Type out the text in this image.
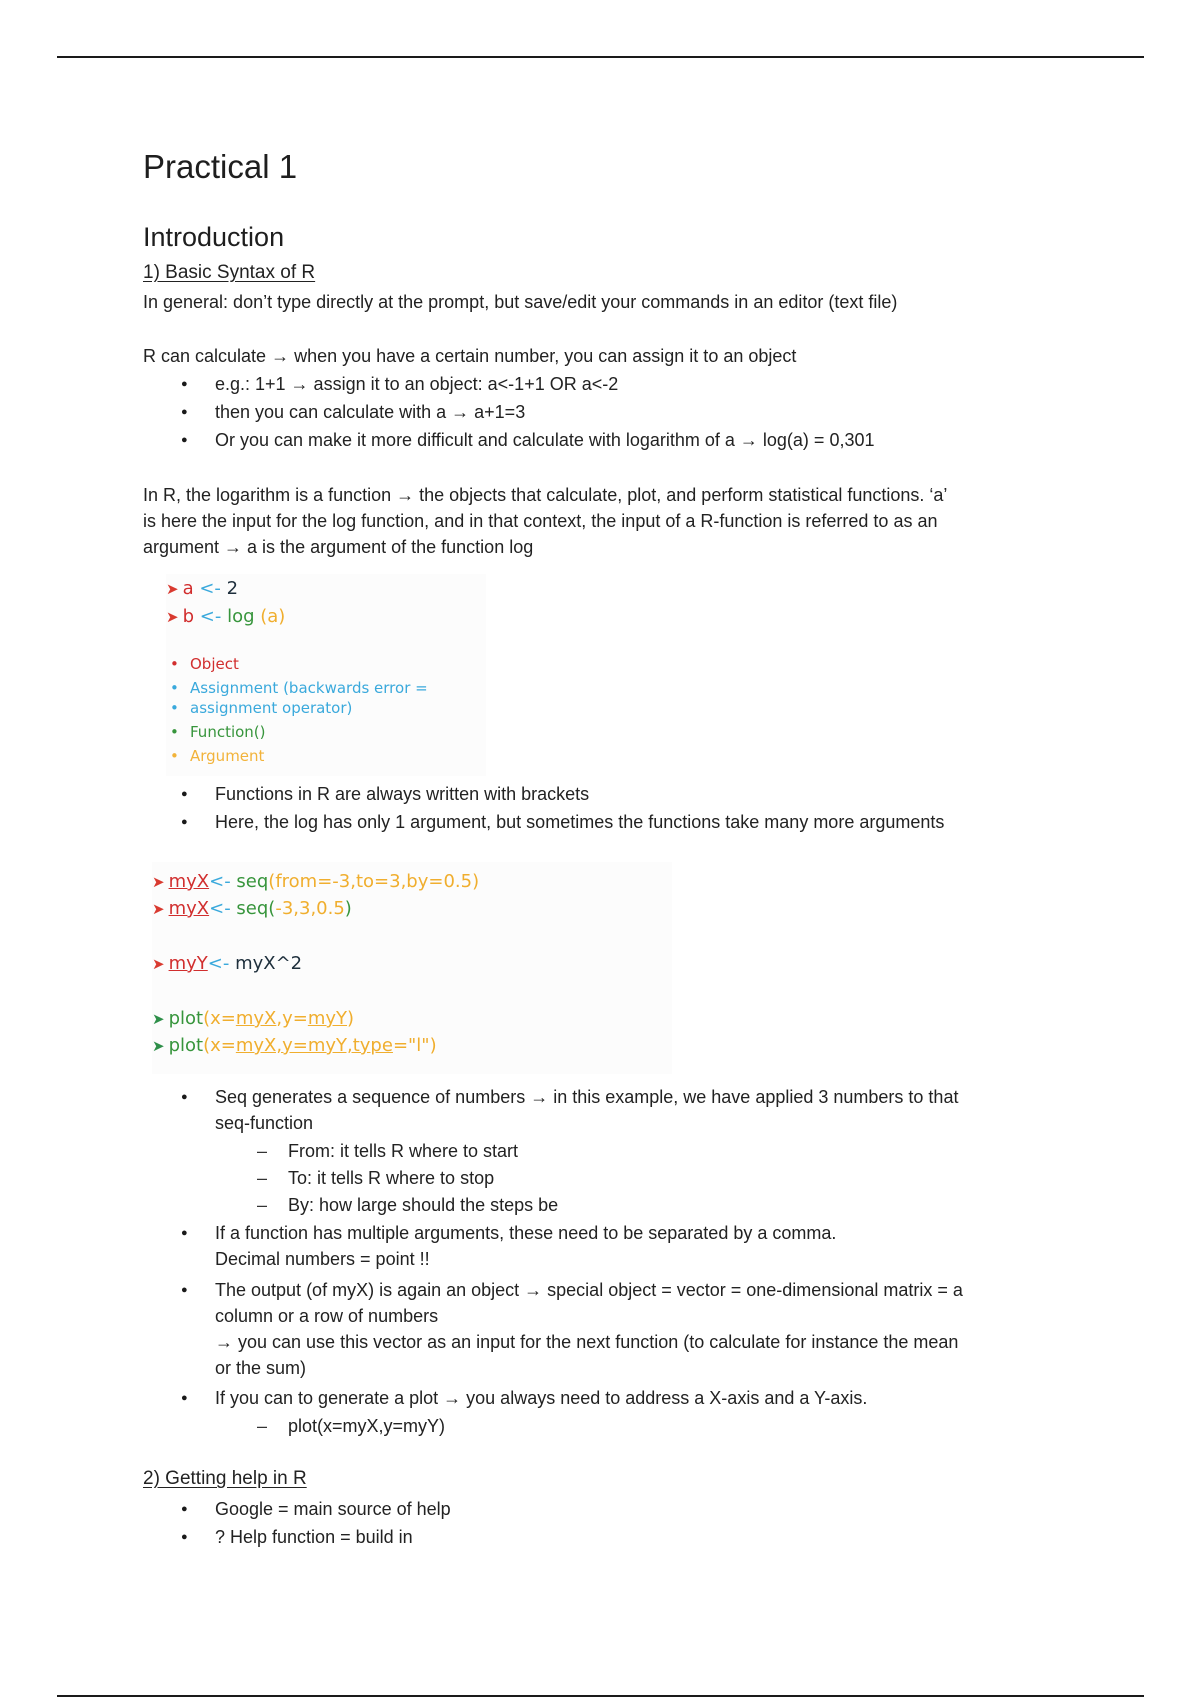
Practical 1
Introduction
1) Basic Syntax of R
In general: don’t type directly at the prompt, but save/edit your commands in an editor (text file)
R can calculate → when you have a certain number, you can assign it to an object
● e.g.: 1+1 → assign it to an object: a<-1+1 OR a<-2
● then you can calculate with a → a+1=3
● Or you can make it more difficult and calculate with logarithm of a → log(a) = 0,301
In R, the logarithm is a function → the objects that calculate, plot, and perform statistical functions. ‘a’
is here the input for the log function, and in that context, the input of a R-function is referred to as an
argument → a is the argument of the function log
➤ a <- 2
➤ b <- log (a)
• Object
• Assignment (backwards error =
• assignment operator)
• Function()
• Argument
● Functions in R are always written with brackets
● Here, the log has only 1 argument, but sometimes the functions take many more arguments
➤ myX<- seq(from=-3,to=3,by=0.5)
➤ myX<- seq(-3,3,0.5)
➤ myY<- myX^2
➤ plot(x=myX,y=myY)
➤ plot(x=myX,y=myY,type="l")
● Seq generates a sequence of numbers → in this example, we have applied 3 numbers to that
seq-function
– From: it tells R where to start
– To: it tells R where to stop
– By: how large should the steps be
● If a function has multiple arguments, these need to be separated by a comma.
Decimal numbers = point !!
● The output (of myX) is again an object → special object = vector = one-dimensional matrix = a
column or a row of numbers
→ you can use this vector as an input for the next function (to calculate for instance the mean
or the sum)
● If you can to generate a plot → you always need to address a X-axis and a Y-axis.
– plot(x=myX,y=myY)
2) Getting help in R
● Google = main source of help
● ? Help function = build in
